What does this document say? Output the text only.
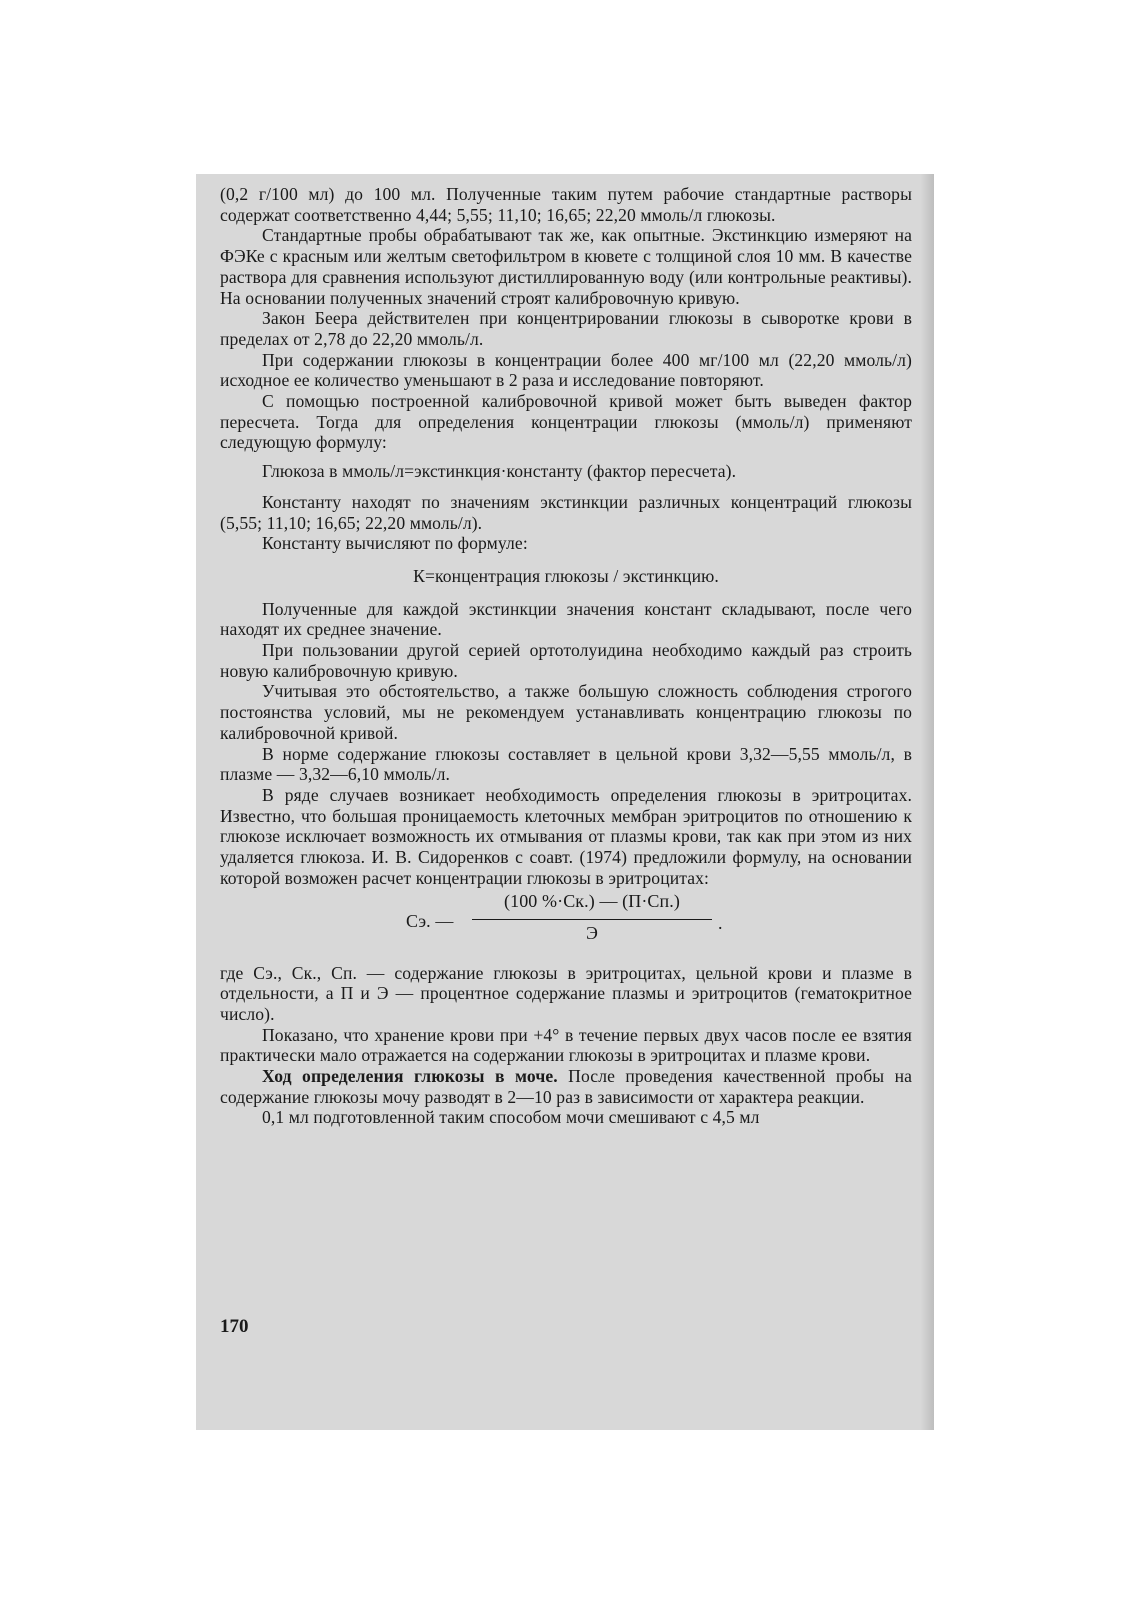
(0,2 г/100 мл) до 100 мл. Полученные таким путем рабочие стандартные растворы содержат соответственно 4,44; 5,55; 11,10; 16,65; 22,20 ммоль/л глюкозы.

Стандартные пробы обрабатывают так же, как опытные. Экстинкцию измеряют на ФЭКе с красным или желтым светофильтром в кювете с толщиной слоя 10 мм. В качестве раствора для сравнения используют дистиллированную воду (или контрольные реактивы). На основании полученных значений строят калибровочную кривую.

Закон Беера действителен при концентрировании глюкозы в сыворотке крови в пределах от 2,78 до 22,20 ммоль/л.

При содержании глюкозы в концентрации более 400 мг/100 мл (22,20 ммоль/л) исходное ее количество уменьшают в 2 раза и исследование повторяют.

С помощью построенной калибровочной кривой может быть выведен фактор пересчета. Тогда для определения концентрации глюкозы (ммоль/л) применяют следующую формулу:

Глюкоза в ммоль/л=экстинкция·константу (фактор пересчета).

Константу находят по значениям экстинкции различных концентраций глюкозы (5,55; 11,10; 16,65; 22,20 ммоль/л).

Константу вычисляют по формуле:

К=концентрация глюкозы / экстинкцию.

Полученные для каждой экстинкции значения констант складывают, после чего находят их среднее значение.

При пользовании другой серией ортотолуидина необходимо каждый раз строить новую калибровочную кривую.

Учитывая это обстоятельство, а также большую сложность соблюдения строгого постоянства условий, мы не рекомендуем устанавливать концентрацию глюкозы по калибровочной кривой.

В норме содержание глюкозы составляет в цельной крови 3,32—5,55 ммоль/л, в плазме — 3,32—6,10 ммоль/л.

В ряде случаев возникает необходимость определения глюкозы в эритроцитах. Известно, что большая проницаемость клеточных мембран эритроцитов по отношению к глюкозе исключает возможность их отмывания от плазмы крови, так как при этом из них удаляется глюкоза. И. В. Сидоренков с соавт. (1974) предложили формулу, на основании которой возможен расчет концентрации глюкозы в эритроцитах:

Сэ. —
(100 %·Ск.) — (П·Сп.)
Э	.

где Сэ., Ск., Сп. — содержание глюкозы в эритроцитах, цельной крови и плазме в отдельности, а П и Э — процентное содержание плазмы и эритроцитов (гематокритное число).

Показано, что хранение крови при +4° в течение первых двух часов после ее взятия практически мало отражается на содержании глюкозы в эритроцитах и плазме крови.

Ход определения глюкозы в моче. После проведения качественной пробы на содержание глюкозы мочу разводят в 2—10 раз в зависимости от характера реакции.

0,1 мл подготовленной таким способом мочи смешивают с 4,5 мл

170
